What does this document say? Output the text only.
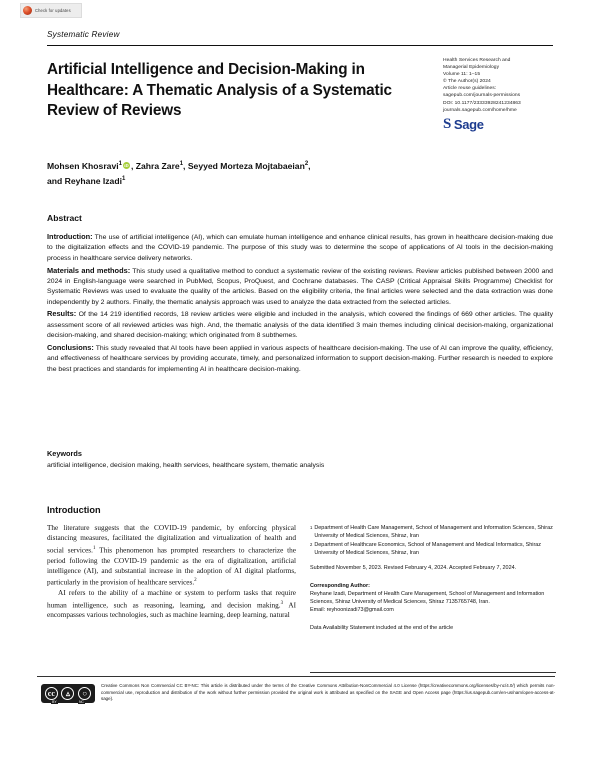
Check for updates
Systematic Review
Artificial Intelligence and Decision-Making in Healthcare: A Thematic Analysis of a Systematic Review of Reviews
Health Services Research and
Managerial Epidemiology
Volume 11: 1–15
© The Author(s) 2024
Article reuse guidelines:
sagepub.com/journals-permissions
DOI: 10.1177/23333928241234863
journals.sagepub.com/home/hme
S Sage
Mohsen Khosravi$^1$ iD , Zahra Zare$^1$, Seyyed Morteza Mojtabaeian$^2$,
and Reyhane Izadi$^1$
Abstract

Introduction: The use of artificial intelligence (AI), which can emulate human intelligence and enhance clinical results, has grown in healthcare decision-making due to the digitalization effects and the COVID-19 pandemic. The purpose of this study was to determine the scope of applications of AI tools in the decision-making process in healthcare service delivery networks.

Materials and methods: This study used a qualitative method to conduct a systematic review of the existing reviews. Review articles published between 2000 and 2024 in English-language were searched in PubMed, Scopus, ProQuest, and Cochrane databases. The CASP (Critical Appraisal Skills Programme) Checklist for Systematic Reviews was used to evaluate the quality of the articles. Based on the eligibility criteria, the final articles were selected and the data extraction was done independently by 2 authors. Finally, the thematic analysis approach was used to analyze the data extracted from the selected articles.

Results: Of the 14 219 identified records, 18 review articles were eligible and included in the analysis, which covered the findings of 669 other articles. The quality assessment score of all reviewed articles was high. And, the thematic analysis of the data identified 3 main themes including clinical decision-making, organizational decision-making, and shared decision-making; which originated from 8 subthemes.

Conclusions: This study revealed that AI tools have been applied in various aspects of healthcare decision-making. The use of AI can improve the quality, efficiency, and effectiveness of healthcare services by providing accurate, timely, and personalized information to support decision-making. Further research is needed to explore the best practices and standards for implementing AI in healthcare decision-making.

Keywords
artificial intelligence, decision making, health services, healthcare system, thematic analysis
Introduction

The literature suggests that the COVID-19 pandemic, by enforcing physical distancing measures, facilitated the digitalization and virtualization of health and social services.$^1$ This phenomenon has prompted researchers to characterize the period following the COVID-19 pandemic as the era of digitalization, artificial intelligence (AI), and substantial increase in the adoption of AI digital platforms, particularly in the provision of healthcare services.$^2$

AI refers to the ability of a machine or system to perform tasks that require human intelligence, such as reasoning, learning, and decision making.$^3$ AI encompasses various technologies, such as machine learning, deep learning, natural

1 Department of Health Care Management, School of Management and Information Sciences, Shiraz University of Medical Sciences, Shiraz, Iran
2 Department of Healthcare Economics, School of Management and Medical Informatics, Shiraz University of Medical Sciences, Shiraz, Iran
Submitted November 5, 2023. Revised February 4, 2024. Accepted February 7, 2024.
Corresponding Author:
Reyhane Izadi, Department of Health Care Management, School of Management and Information Sciences, Shiraz University of Medical Sciences, Shiraz 7135765748, Iran.
Email: reyhoonizadi73@gmail.com
Data Availability Statement included at the end of the article
cc	▵	○
BY	NC
Creative Commons Non Commercial CC BY-NC: This article is distributed under the terms of the Creative Commons Attribution-NonCommercial 4.0 License (https://creativecommons.org/licenses/by-nc/4.0/) which permits non-commercial use, reproduction and distribution of the work without further permission provided the original work is attributed as specified on the SAGE and Open Access page (https://us.sagepub.com/en-us/nam/open-access-at-sage).
